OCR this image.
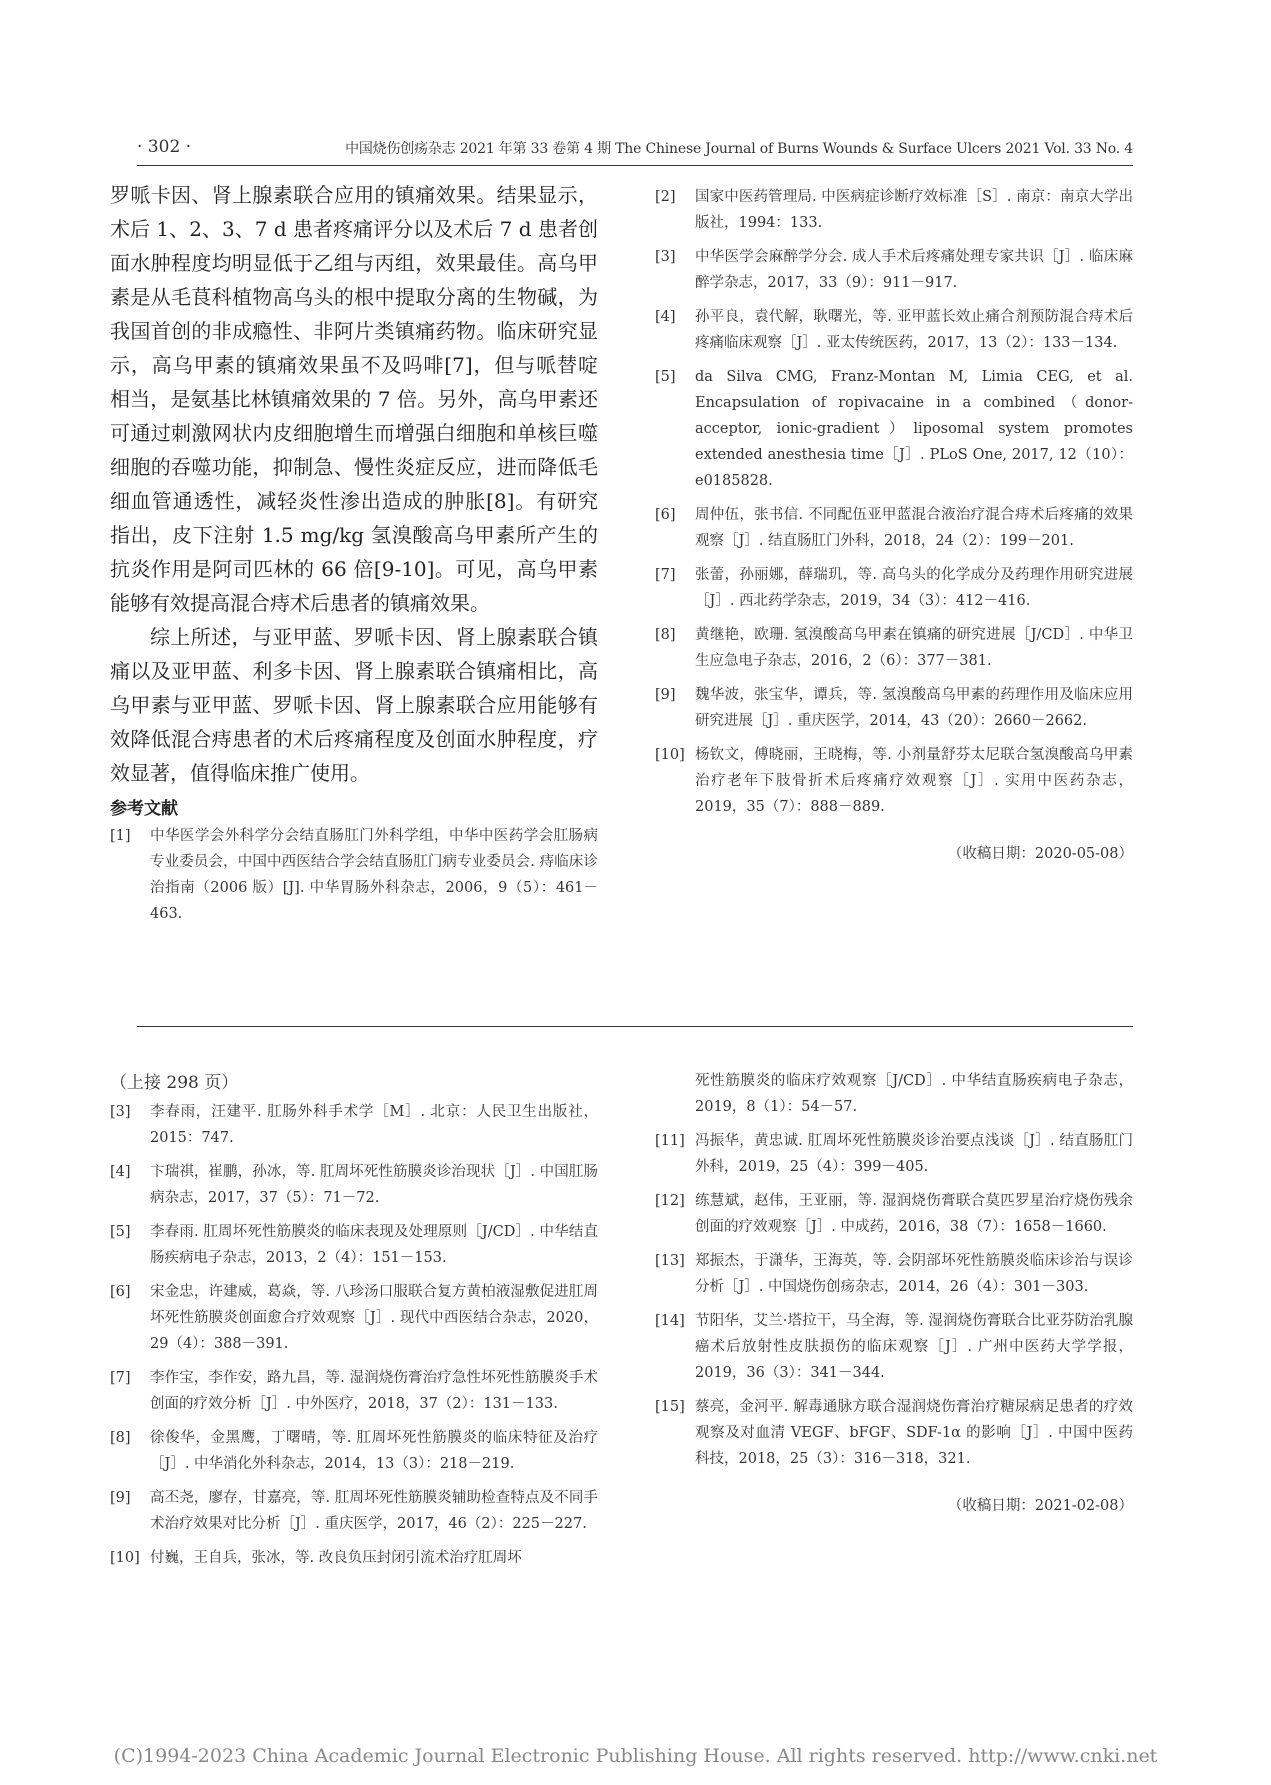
· 302 ·	中国烧伤创疡杂志 2021 年第 33 卷第 4 期 The Chinese Journal of Burns Wounds & Surface Ulcers 2021 Vol. 33 No. 4

罗哌卡因、肾上腺素联合应用的镇痛效果。结果显示，术后 1、2、3、7 d 患者疼痛评分以及术后 7 d 患者创面水肿程度均明显低于乙组与丙组，效果最佳。高乌甲素是从毛茛科植物高乌头的根中提取分离的生物碱，为我国首创的非成瘾性、非阿片类镇痛药物。临床研究显示，高乌甲素的镇痛效果虽不及吗啡[7]，但与哌替啶相当，是氨基比林镇痛效果的 7 倍。另外，高乌甲素还可通过刺激网状内皮细胞增生而增强白细胞和单核巨噬细胞的吞噬功能，抑制急、慢性炎症反应，进而降低毛细血管通透性，减轻炎性渗出造成的肿胀[8]。有研究指出，皮下注射 1.5 mg/kg 氢溴酸高乌甲素所产生的抗炎作用是阿司匹林的 66 倍[9-10]。可见，高乌甲素能够有效提高混合痔术后患者的镇痛效果。

综上所述，与亚甲蓝、罗哌卡因、肾上腺素联合镇痛以及亚甲蓝、利多卡因、肾上腺素联合镇痛相比，高乌甲素与亚甲蓝、罗哌卡因、肾上腺素联合应用能够有效降低混合痔患者的术后疼痛程度及创面水肿程度，疗效显著，值得临床推广使用。

参考文献
[1] 中华医学会外科学分会结直肠肛门外科学组，中华中医药学会肛肠病专业委员会，中国中西医结合学会结直肠肛门病专业委员会. 痔临床诊治指南（2006 版）[J]. 中华胃肠外科杂志，2006，9（5）：461－463.
[2] 国家中医药管理局. 中医病症诊断疗效标准［S］. 南京：南京大学出版社，1994：133.
[3] 中华医学会麻醉学分会. 成人手术后疼痛处理专家共识［J］. 临床麻醉学杂志，2017，33（9）：911－917.
[4] 孙平良，袁代解，耿曙光，等. 亚甲蓝长效止痛合剂预防混合痔术后疼痛临床观察［J］. 亚太传统医药，2017，13（2）：133－134.
[5] da Silva CMG, Franz-Montan M, Limia CEG, et al. Encapsulation of ropivacaine in a combined（donor-acceptor, ionic-gradient）liposomal system promotes extended anesthesia time［J］. PLoS One, 2017, 12（10）：e0185828.
[6] 周仲伍，张书信. 不同配伍亚甲蓝混合液治疗混合痔术后疼痛的效果观察［J］. 结直肠肛门外科，2018，24（2）：199－201.
[7] 张蕾，孙丽娜，薛瑞玑，等. 高乌头的化学成分及药理作用研究进展［J］. 西北药学杂志，2019，34（3）：412－416.
[8] 黄继艳，欧珊. 氢溴酸高乌甲素在镇痛的研究进展［J/CD］. 中华卫生应急电子杂志，2016，2（6）：377－381.
[9] 魏华波，张宝华，谭兵，等. 氢溴酸高乌甲素的药理作用及临床应用研究进展［J］. 重庆医学，2014，43（20）：2660－2662.
[10] 杨钦文，傅晓丽，王晓梅，等. 小剂量舒芬太尼联合氢溴酸高乌甲素治疗老年下肢骨折术后疼痛疗效观察［J］. 实用中医药杂志，2019，35（7）：888－889.
（收稿日期：2020-05-08）
（上接 298 页）
[3] 李春雨，汪建平. 肛肠外科手术学［M］. 北京：人民卫生出版社，2015：747.
[4] 卞瑞祺，崔鹏，孙冰，等. 肛周坏死性筋膜炎诊治现状［J］. 中国肛肠病杂志，2017，37（5）：71－72.
[5] 李春雨. 肛周坏死性筋膜炎的临床表现及处理原则［J/CD］. 中华结直肠疾病电子杂志，2013，2（4）：151－153.
[6] 宋金忠，许建威，葛焱，等. 八珍汤口服联合复方黄柏液湿敷促进肛周坏死性筋膜炎创面愈合疗效观察［J］. 现代中西医结合杂志，2020，29（4）：388－391.
[7] 李作宝，李作安，路九昌，等. 湿润烧伤膏治疗急性坏死性筋膜炎手术创面的疗效分析［J］. 中外医疗，2018，37（2）：131－133.
[8] 徐俊华，金黑鹰，丁曙晴，等. 肛周坏死性筋膜炎的临床特征及治疗［J］. 中华消化外科杂志，2014，13（3）：218－219.
[9] 高丕尧，廖存，甘嘉亮，等. 肛周坏死性筋膜炎辅助检查特点及不同手术治疗效果对比分析［J］. 重庆医学，2017，46（2）：225－227.
[10] 付巍，王自兵，张冰，等. 改良负压封闭引流术治疗肛周坏
死性筋膜炎的临床疗效观察［J/CD］. 中华结直肠疾病电子杂志，2019，8（1）：54－57.
[11] 冯振华，黄忠诚. 肛周坏死性筋膜炎诊治要点浅谈［J］. 结直肠肛门外科，2019，25（4）：399－405.
[12] 练慧斌，赵伟，王亚丽，等. 湿润烧伤膏联合莫匹罗星治疗烧伤残余创面的疗效观察［J］. 中成药，2016，38（7）：1658－1660.
[13] 郑振杰，于潇华，王海英，等. 会阴部坏死性筋膜炎临床诊治与误诊分析［J］. 中国烧伤创疡杂志，2014，26（4）：301－303.
[14] 节阳华，艾兰·塔拉干，马全海，等. 湿润烧伤膏联合比亚芬防治乳腺癌术后放射性皮肤损伤的临床观察［J］. 广州中医药大学学报，2019，36（3）：341－344.
[15] 蔡亮，金河平. 解毒通脉方联合湿润烧伤膏治疗糖尿病足患者的疗效观察及对血清 VEGF、bFGF、SDF-1α 的影响［J］. 中国中医药科技，2018，25（3）：316－318，321.
（收稿日期：2021-02-08）
(C)1994-2023 China Academic Journal Electronic Publishing House. All rights reserved. http://www.cnki.net
